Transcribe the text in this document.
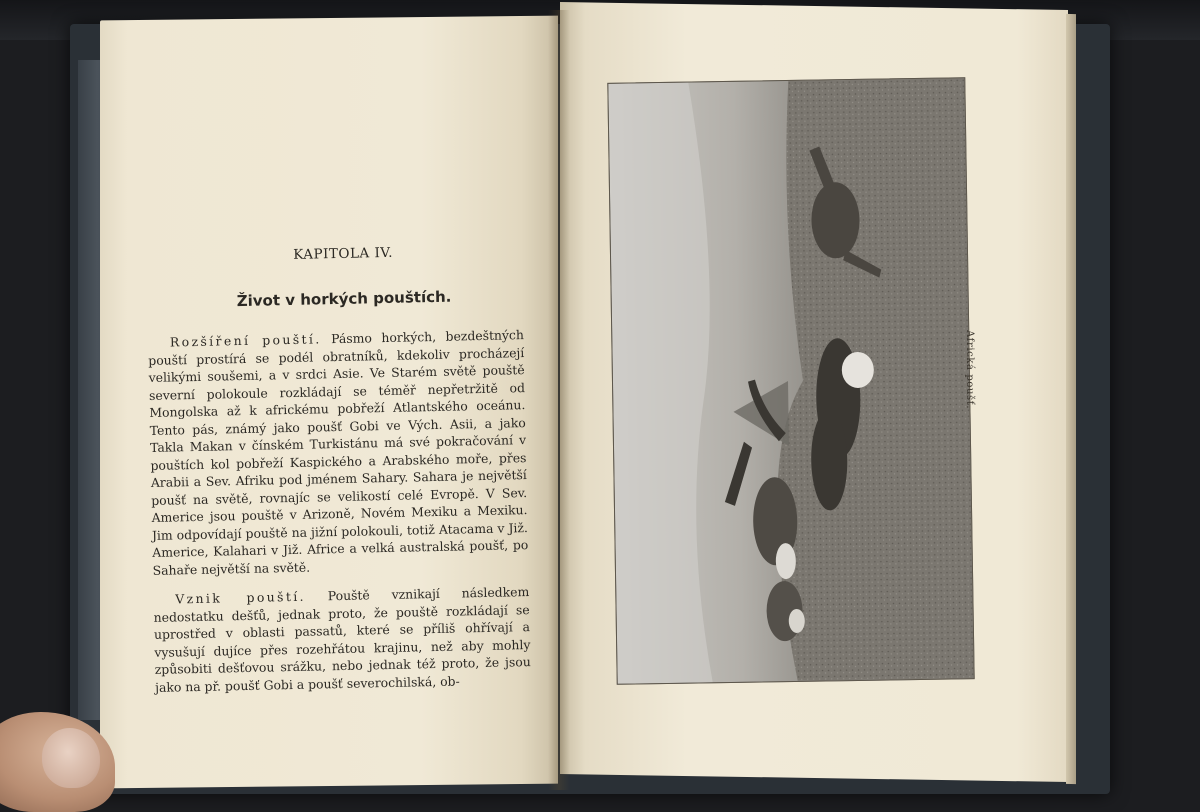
KAPITOLA IV.
Život v horkých pouštích.

Rozšíření pouští. Pásmo horkých, bezdeštných pouští prostírá se podél obratníků, kdekoliv procházejí velikými soušemi, a v srdci Asie. Ve Starém světě pouště severní polokoule rozkládají se téměř nepřetržitě od Mongolska až k africkému pobřeží Atlantského oceánu. Tento pás, známý jako poušť Gobi ve Vých. Asii, a jako Takla Makan v čínském Turkistánu má své pokračování v pouštích kol pobřeží Kaspického a Arabského moře, přes Arabii a Sev. Afriku pod jménem Sahary. Sahara je největší poušť na světě, rovnajíc se velikostí celé Evropě. V Sev. Americe jsou pouště v Arizoně, Novém Mexiku a Mexiku. Jim odpovídají pouště na jižní polokouli, totiž Atacama v Již. Americe, Kalahari v Již. Africe a velká australská poušť, po Sahaře největší na světě.

Vznik pouští. Pouště vznikají následkem nedostatku dešťů, jednak proto, že pouště rozkládají se uprostřed v oblasti passatů, které se příliš ohřívají a vysušují dujíce přes rozehřátou krajinu, než aby mohly způsobiti dešťovou srážku, nebo jednak též proto, že jsou jako na př. poušť Gobi a poušť severochilská, ob-

Africká poušť.
